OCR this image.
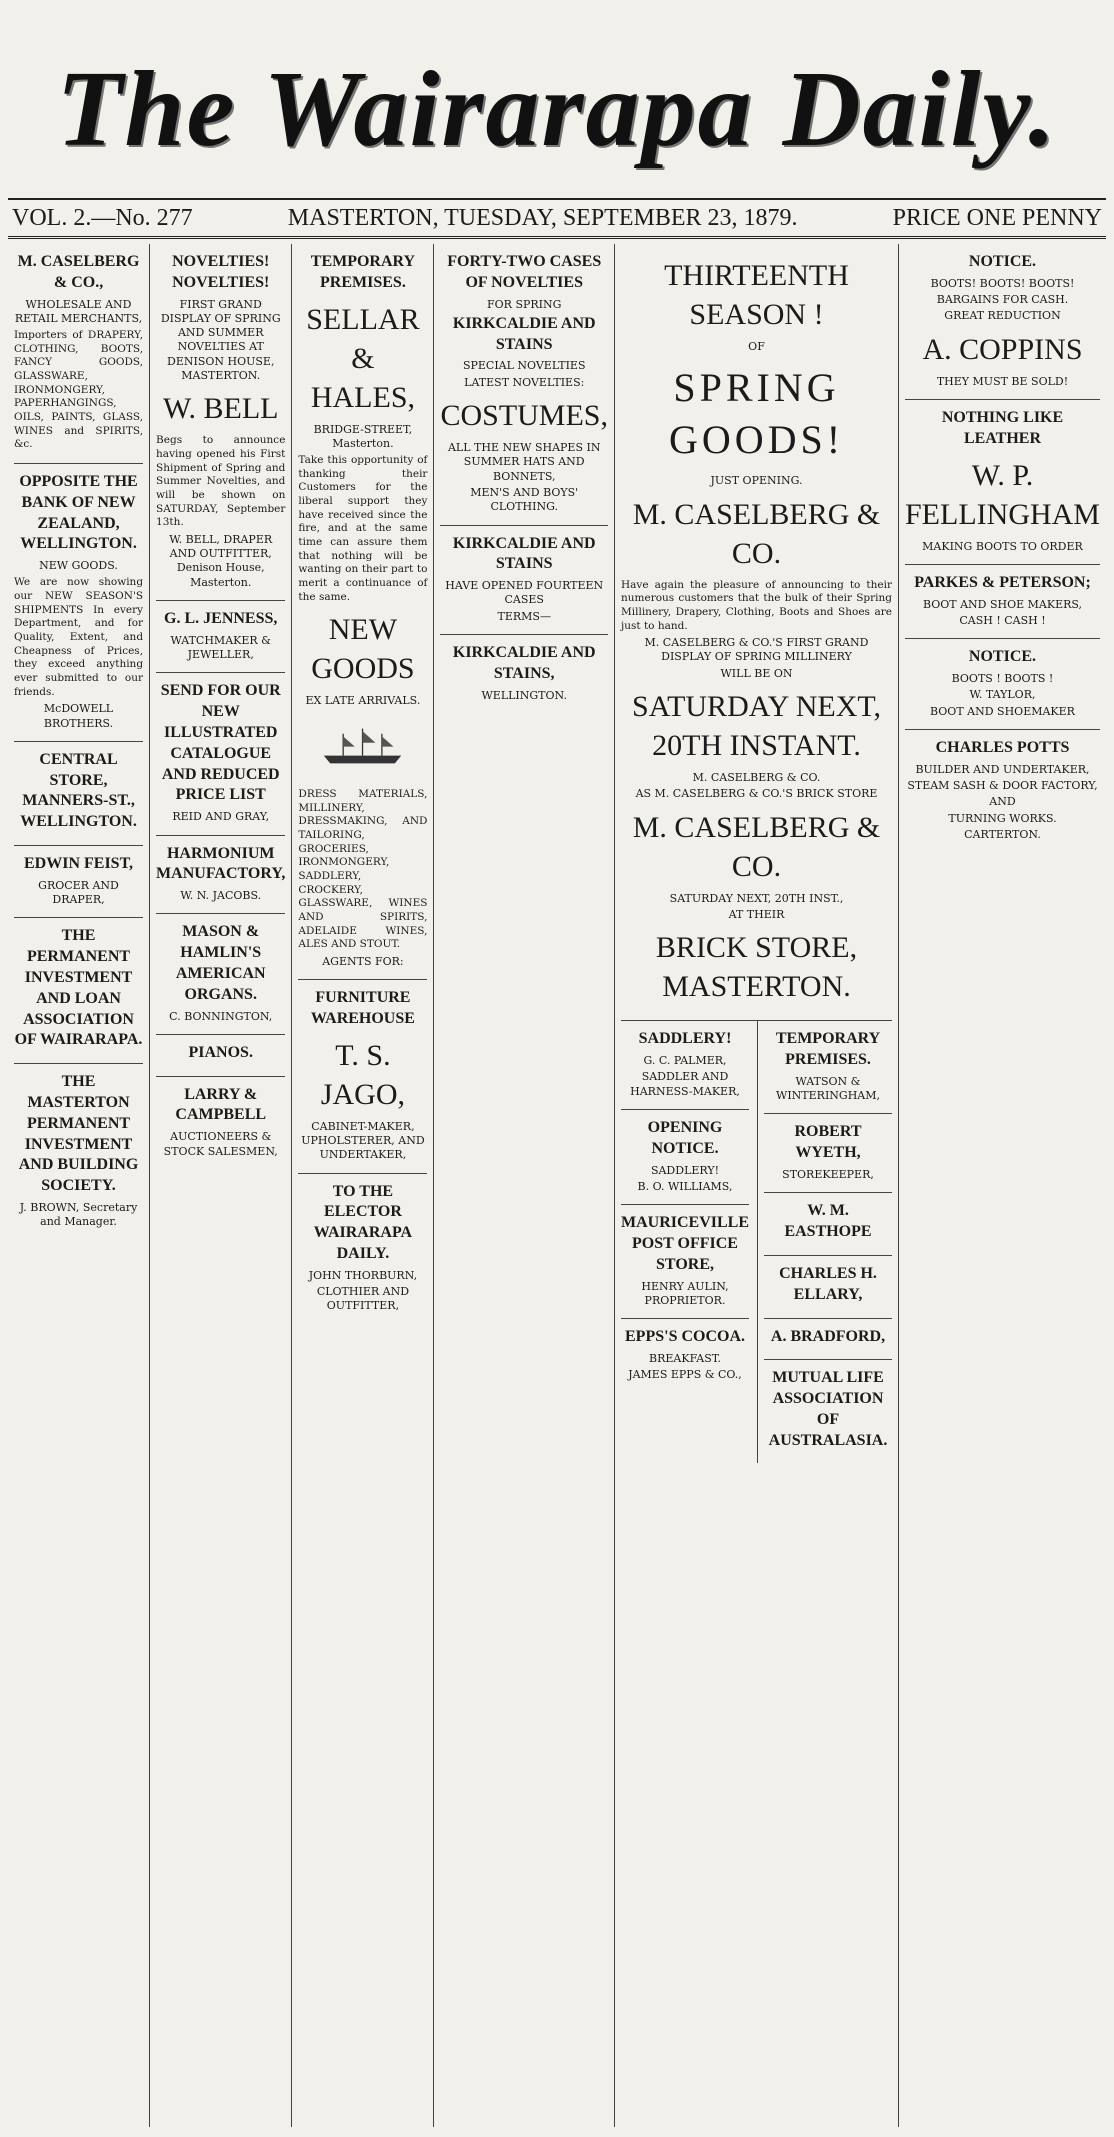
The Wairarapa Daily.
VOL. 2.—No. 277	MASTERTON, TUESDAY, SEPTEMBER 23, 1879.	PRICE ONE PENNY
M. CASELBERG & CO.,
WHOLESALE AND RETAIL MERCHANTS,

Importers of DRAPERY, CLOTHING, BOOTS, FANCY GOODS, GLASSWARE, IRONMONGERY, PAPERHANGINGS, OILS, PAINTS, GLASS, WINES and SPIRITS, &c.

OPPOSITE THE BANK OF NEW ZEALAND, WELLINGTON.
NEW GOODS.

We are now showing our NEW SEASON'S SHIPMENTS In every Department, and for Quality, Extent, and Cheapness of Prices, they exceed anything ever submitted to our friends.

McDOWELL BROTHERS.
CENTRAL STORE, MANNERS-ST., WELLINGTON.
EDWIN FEIST,
GROCER AND DRAPER,
THE PERMANENT INVESTMENT AND LOAN ASSOCIATION OF WAIRARAPA.
THE MASTERTON PERMANENT INVESTMENT AND BUILDING SOCIETY.
J. BROWN, Secretary and Manager.
NOVELTIES! NOVELTIES!
FIRST GRAND DISPLAY OF SPRING AND SUMMER NOVELTIES AT DENISON HOUSE, MASTERTON.
W. BELL

Begs to announce having opened his First Shipment of Spring and Summer Novelties, and will be shown on SATURDAY, September 13th.

W. BELL, DRAPER AND OUTFITTER, Denison House, Masterton.
G. L. JENNESS,
WATCHMAKER & JEWELLER,
SEND FOR OUR NEW ILLUSTRATED CATALOGUE AND REDUCED PRICE LIST
REID AND GRAY,
HARMONIUM MANUFACTORY,
W. N. JACOBS.
MASON & HAMLIN'S AMERICAN ORGANS.
C. BONNINGTON,
PIANOS.
LARRY & CAMPBELL
AUCTIONEERS & STOCK SALESMEN,
TEMPORARY PREMISES.
SELLAR & HALES,
BRIDGE-STREET, Masterton.

Take this opportunity of thanking their Customers for the liberal support they have received since the fire, and at the same time can assure them that nothing will be wanting on their part to merit a continuance of the same.

NEW GOODS
EX LATE ARRIVALS.

DRESS MATERIALS, MILLINERY, DRESSMAKING, AND TAILORING, GROCERIES, IRONMONGERY, SADDLERY, CROCKERY, GLASSWARE, WINES AND SPIRITS, ADELAIDE WINES, ALES AND STOUT.

AGENTS FOR:
FURNITURE WAREHOUSE
T. S. JAGO,
CABINET-MAKER, UPHOLSTERER, AND UNDERTAKER,
TO THE ELECTOR WAIRARAPA DAILY.
JOHN THORBURN,
CLOTHIER AND OUTFITTER,
FORTY-TWO CASES OF NOVELTIES
FOR SPRING
KIRKCALDIE AND STAINS
SPECIAL NOVELTIES
LATEST NOVELTIES:
COSTUMES,
ALL THE NEW SHAPES IN SUMMER HATS AND BONNETS,
MEN'S AND BOYS' CLOTHING.
KIRKCALDIE AND STAINS
HAVE OPENED FOURTEEN CASES
TERMS—
KIRKCALDIE AND STAINS,
WELLINGTON.
THIRTEENTH SEASON !
OF
SPRING GOODS!
JUST OPENING.
M. CASELBERG & CO.

Have again the pleasure of announcing to their numerous customers that the bulk of their Spring Millinery, Drapery, Clothing, Boots and Shoes are just to hand.

M. CASELBERG & CO.'S FIRST GRAND DISPLAY OF SPRING MILLINERY
WILL BE ON
SATURDAY NEXT, 20TH INSTANT.
M. CASELBERG & CO.
AS M. CASELBERG & CO.'S BRICK STORE
M. CASELBERG & CO.
SATURDAY NEXT, 20TH INST.,
AT THEIR
BRICK STORE, MASTERTON.
SADDLERY!
G. C. PALMER,
SADDLER AND HARNESS-MAKER,
OPENING NOTICE.
SADDLERY!
B. O. WILLIAMS,
MAURICEVILLE POST OFFICE STORE,
HENRY AULIN, PROPRIETOR.
EPPS'S COCOA.
BREAKFAST.
JAMES EPPS & CO.,
TEMPORARY PREMISES.
WATSON & WINTERINGHAM,
ROBERT WYETH,
STOREKEEPER,
W. M. EASTHOPE
CHARLES H. ELLARY,
A. BRADFORD,
MUTUAL LIFE ASSOCIATION OF AUSTRALASIA.
NOTICE.
BOOTS! BOOTS! BOOTS!
BARGAINS FOR CASH.
GREAT REDUCTION
A. COPPINS
THEY MUST BE SOLD!
NOTHING LIKE LEATHER
W. P. FELLINGHAM
MAKING BOOTS TO ORDER
PARKES & PETERSON;
BOOT AND SHOE MAKERS,
CASH ! CASH !
NOTICE.
BOOTS ! BOOTS !
W. TAYLOR,
BOOT AND SHOEMAKER
CHARLES POTTS
BUILDER AND UNDERTAKER,
STEAM SASH & DOOR FACTORY,
AND
TURNING WORKS.
CARTERTON.
